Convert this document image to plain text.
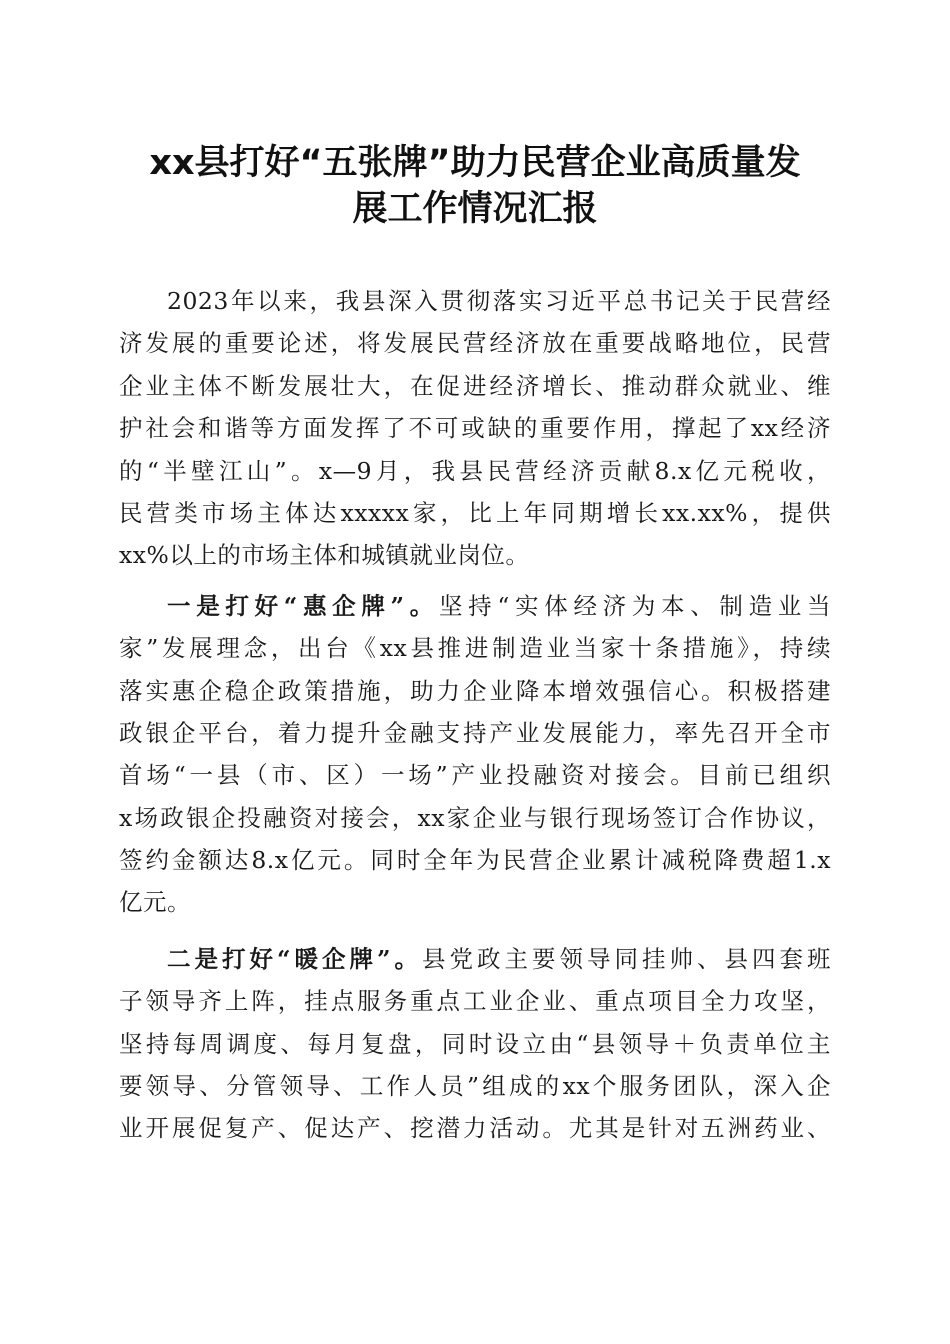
xx县打好“五张牌”助力民营企业高质量发
展工作情况汇报

2023年以来，我县深入贯彻落实习近平总书记关于民营经
济发展的重要论述，将发展民营经济放在重要战略地位，民营
企业主体不断发展壮大，在促进经济增长、推动群众就业、维
护社会和谐等方面发挥了不可或缺的重要作用，撑起了xx经济
的“半壁江山”。x—9月，我县民营经济贡献8.x亿元税收，
民营类市场主体达xxxxx家，比上年同期增长xx.xx%，提供
xx%以上的市场主体和城镇就业岗位。

一是打好“惠企牌”。坚持“实体经济为本、制造业当
家”发展理念，出台《xx县推进制造业当家十条措施》，持续
落实惠企稳企政策措施，助力企业降本增效强信心。积极搭建
政银企平台，着力提升金融支持产业发展能力，率先召开全市
首场“一县（市、区）一场”产业投融资对接会。目前已组织
x场政银企投融资对接会，xx家企业与银行现场签订合作协议，
签约金额达8.x亿元。同时全年为民营企业累计减税降费超1.x
亿元。

二是打好“暖企牌”。县党政主要领导同挂帅、县四套班
子领导齐上阵，挂点服务重点工业企业、重点项目全力攻坚，
坚持每周调度、每月复盘，同时设立由“县领导＋负责单位主
要领导、分管领导、工作人员”组成的xx个服务团队，深入企
业开展促复产、促达产、挖潜力活动。尤其是针对五洲药业、
